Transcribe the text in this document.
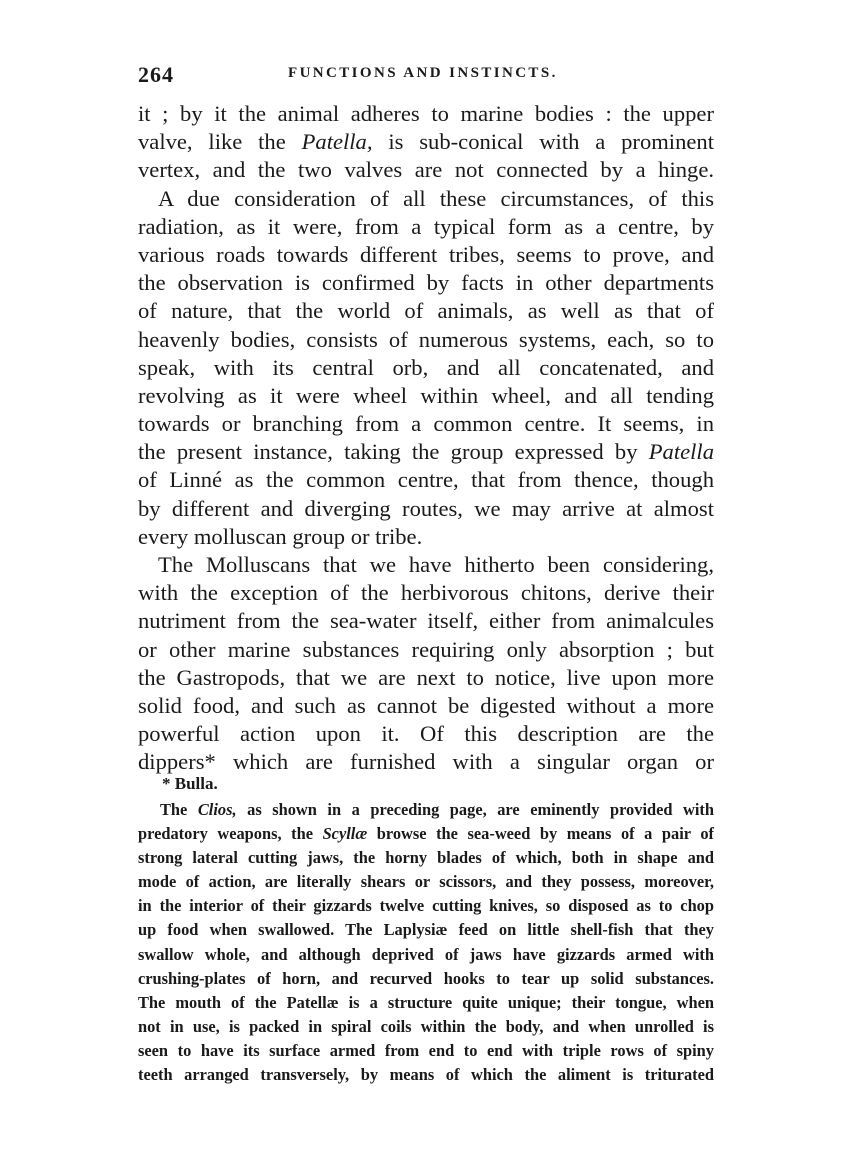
264	FUNCTIONS AND INSTINCTS.
it ; by it the animal adheres to marine bodies : the upper
valve, like the Patella, is sub-conical with a prominent
vertex, and the two valves are not connected by a hinge.
A due consideration of all these circumstances, of this
radiation, as it were, from a typical form as a centre, by
various roads towards different tribes, seems to prove, and
the observation is confirmed by facts in other departments
of nature, that the world of animals, as well as that of
heavenly bodies, consists of numerous systems, each, so to
speak, with its central orb, and all concatenated, and
revolving as it were wheel within wheel, and all tending
towards or branching from a common centre. It seems, in
the present instance, taking the group expressed by Patella
of Linné as the common centre, that from thence, though
by different and diverging routes, we may arrive at almost
every molluscan group or tribe.
The Molluscans that we have hitherto been considering,
with the exception of the herbivorous chitons, derive their
nutriment from the sea-water itself, either from animalcules
or other marine substances requiring only absorption ; but
the Gastropods, that we are next to notice, live upon more
solid food, and such as cannot be digested without a more
powerful action upon it. Of this description are the
dippers* which are furnished with a singular organ or
* Bulla.
The Clios, as shown in a preceding page, are eminently provided with
predatory weapons, the Scyllæ browse the sea-weed by means of a pair of
strong lateral cutting jaws, the horny blades of which, both in shape and
mode of action, are literally shears or scissors, and they possess, moreover,
in the interior of their gizzards twelve cutting knives, so disposed as to chop
up food when swallowed. The Laplysiæ feed on little shell-fish that they
swallow whole, and although deprived of jaws have gizzards armed with
crushing-plates of horn, and recurved hooks to tear up solid substances.
The mouth of the Patellæ is a structure quite unique; their tongue, when
not in use, is packed in spiral coils within the body, and when unrolled is
seen to have its surface armed from end to end with triple rows of spiny
teeth arranged transversely, by means of which the aliment is triturated
